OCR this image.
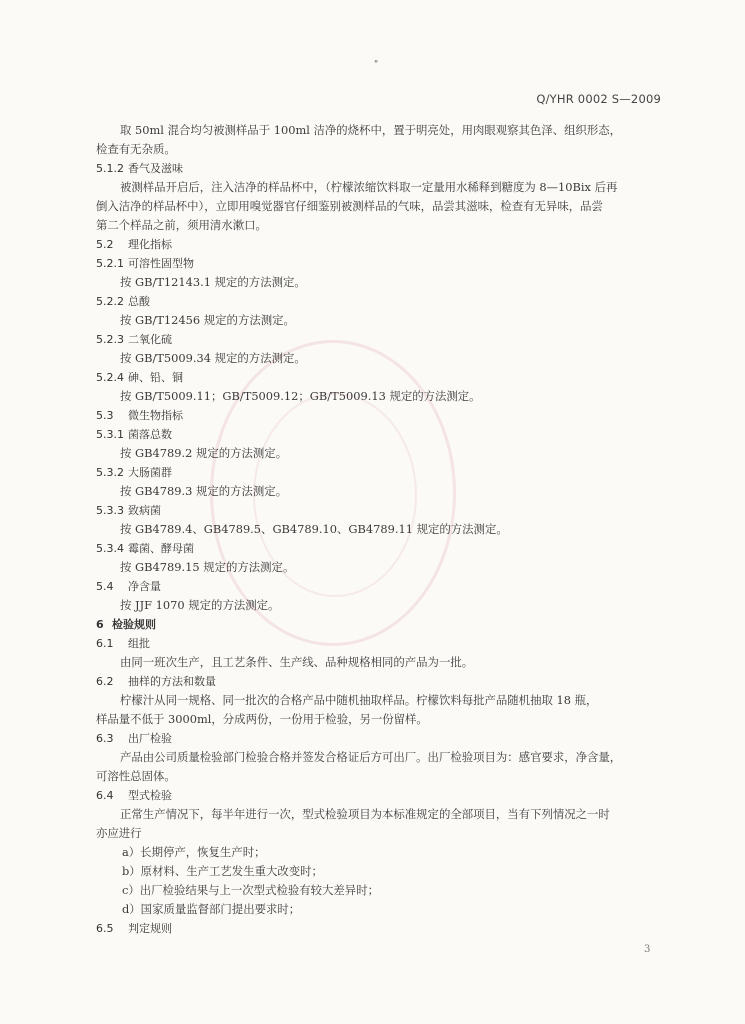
"
Q/YHR 0002 S—2009
取 50ml 混合均匀被测样品于 100ml 洁净的烧杯中，置于明亮处，用肉眼观察其色泽、组织形态，
检查有无杂质。
5.1.2 香气及滋味
被测样品开启后，注入洁净的样品杯中，（柠檬浓缩饮料取一定量用水稀释到糖度为 8—10Bix 后再
倒入洁净的样品杯中），立即用嗅觉器官仔细鉴别被测样品的气味，品尝其滋味，检查有无异味，品尝
第二个样品之前，须用清水漱口。
5.2 理化指标
5.2.1 可溶性固型物
按 GB/T12143.1 规定的方法测定。
5.2.2 总酸
按 GB/T12456 规定的方法测定。
5.2.3 二氧化硫
按 GB/T5009.34 规定的方法测定。
5.2.4 砷、铅、铜
按 GB/T5009.11；GB/T5009.12；GB/T5009.13 规定的方法测定。
5.3 微生物指标
5.3.1 菌落总数
按 GB4789.2 规定的方法测定。
5.3.2 大肠菌群
按 GB4789.3 规定的方法测定。
5.3.3 致病菌
按 GB4789.4、GB4789.5、GB4789.10、GB4789.11 规定的方法测定。
5.3.4 霉菌、酵母菌
按 GB4789.15 规定的方法测定。
5.4 净含量
按 JJF 1070 规定的方法测定。
6 检验规则
6.1 组批
由同一班次生产，且工艺条件、生产线、品种规格相同的产品为一批。
6.2 抽样的方法和数量
柠檬汁从同一规格、同一批次的合格产品中随机抽取样品。柠檬饮料每批产品随机抽取 18 瓶，
样品量不低于 3000ml，分成两份，一份用于检验，另一份留样。
6.3 出厂检验
产品由公司质量检验部门检验合格并签发合格证后方可出厂。出厂检验项目为：感官要求，净含量，
可溶性总固体。
6.4 型式检验
正常生产情况下，每半年进行一次，型式检验项目为本标准规定的全部项目，当有下列情况之一时
亦应进行
a）长期停产，恢复生产时；
b）原材料、生产工艺发生重大改变时；
c）出厂检验结果与上一次型式检验有较大差异时；
d）国家质量监督部门提出要求时；
6.5 判定规则
3
